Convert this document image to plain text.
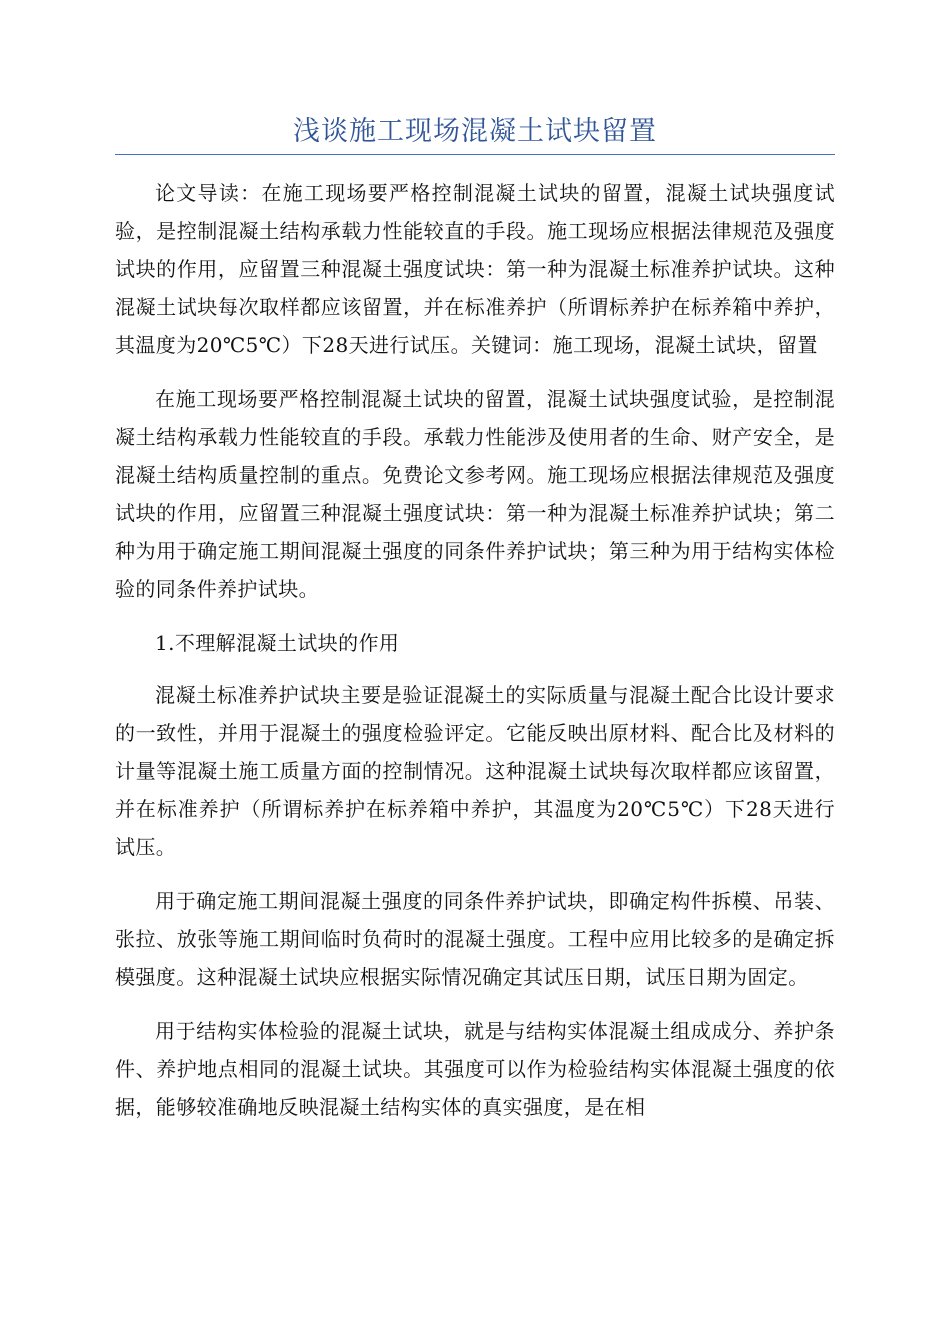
浅谈施工现场混凝土试块留置

论文导读：在施工现场要严格控制混凝土试块的留置，混凝土试块强度试验，是控制混凝土结构承载力性能较直的手段。施工现场应根据法律规范及强度试块的作用，应留置三种混凝土强度试块：第一种为混凝土标准养护试块。这种混凝土试块每次取样都应该留置，并在标准养护（所谓标养护在标养箱中养护，其温度为20℃5℃）下28天进行试压。关键词：施工现场，混凝土试块，留置

在施工现场要严格控制混凝土试块的留置，混凝土试块强度试验，是控制混凝土结构承载力性能较直的手段。承载力性能涉及使用者的生命、财产安全，是混凝土结构质量控制的重点。免费论文参考网。施工现场应根据法律规范及强度试块的作用，应留置三种混凝土强度试块：第一种为混凝土标准养护试块；第二种为用于确定施工期间混凝土强度的同条件养护试块；第三种为用于结构实体检验的同条件养护试块。

1.不理解混凝土试块的作用

混凝土标准养护试块主要是验证混凝土的实际质量与混凝土配合比设计要求的一致性，并用于混凝土的强度检验评定。它能反映出原材料、配合比及材料的计量等混凝土施工质量方面的控制情况。这种混凝土试块每次取样都应该留置，并在标准养护（所谓标养护在标养箱中养护，其温度为20℃5℃）下28天进行试压。

用于确定施工期间混凝土强度的同条件养护试块，即确定构件拆模、吊装、张拉、放张等施工期间临时负荷时的混凝土强度。工程中应用比较多的是确定拆模强度。这种混凝土试块应根据实际情况确定其试压日期，试压日期为固定。

用于结构实体检验的混凝土试块，就是与结构实体混凝土组成成分、养护条件、养护地点相同的混凝土试块。其强度可以作为检验结构实体混凝土强度的依据，能够较准确地反映混凝土结构实体的真实强度，是在相
